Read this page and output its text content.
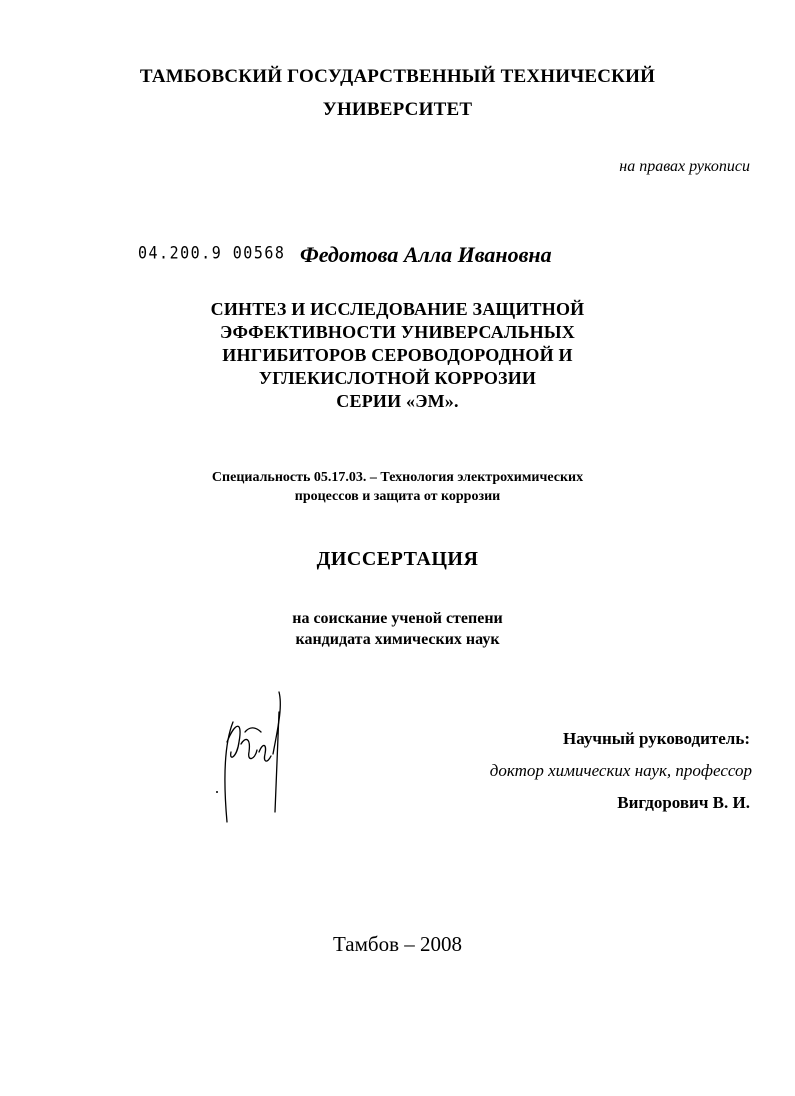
ТАМБОВСКИЙ ГОСУДАРСТВЕННЫЙ ТЕХНИЧЕСКИЙ
УНИВЕРСИТЕТ
на правах рукописи
04.200.9 00568 Федотова Алла Ивановна
СИНТЕЗ И ИССЛЕДОВАНИЕ ЗАЩИТНОЙ
ЭФФЕКТИВНОСТИ УНИВЕРСАЛЬНЫХ
ИНГИБИТОРОВ СЕРОВОДОРОДНОЙ И
УГЛЕКИСЛОТНОЙ КОРРОЗИИ
СЕРИИ «ЭМ».
Специальность 05.17.03. – Технология электрохимических
процессов и защита от коррозии
ДИССЕРТАЦИЯ
на соискание ученой степени
кандидата химических наук
Научный руководитель:
доктор химических наук, профессор
Вигдорович В. И.
Тамбов – 2008
